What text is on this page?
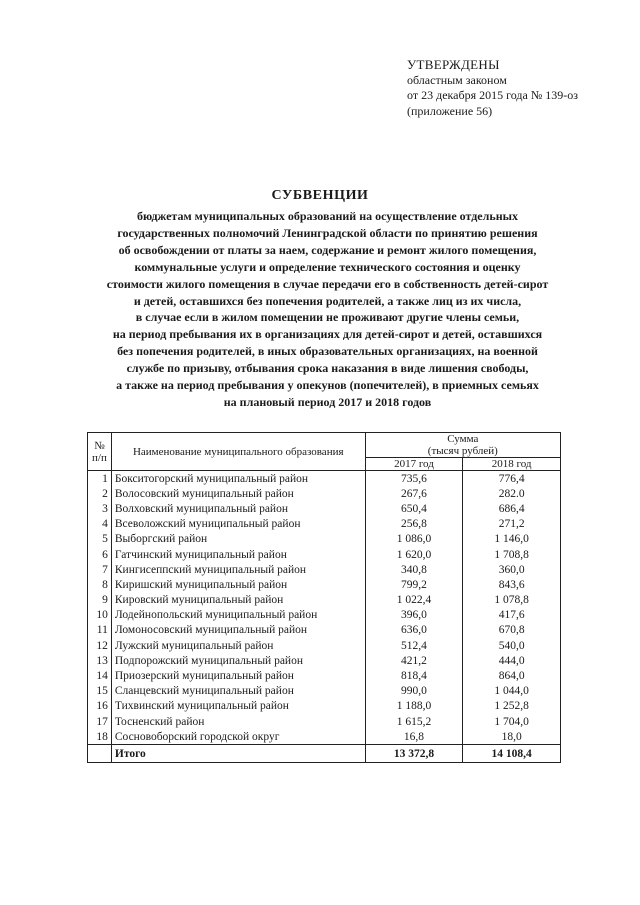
УТВЕРЖДЕНЫ
областным законом
от 23 декабря 2015 года № 139-оз
(приложение 56)
СУБВЕНЦИИ
бюджетам муниципальных образований на осуществление отдельных
государственных полномочий Ленинградской области по принятию решения
об освобождении от платы за наем, содержание и ремонт жилого помещения,
коммунальные услуги и определение технического состояния и оценку
стоимости жилого помещения в случае передачи его в собственность детей-сирот
и детей, оставшихся без попечения родителей, а также лиц из их числа,
в случае если в жилом помещении не проживают другие члены семьи,
на период пребывания их в организациях для детей-сирот и детей, оставшихся
без попечения родителей, в иных образовательных организациях, на военной
службе по призыву, отбывания срока наказания в виде лишения свободы,
а также на период пребывания у опекунов (попечителей), в приемных семьях
на плановый период 2017 и 2018 годов
№ п/п	Наименование муниципального образования	Сумма
(тысяч рублей)	

		2017 год	2018 год
1	Бокситогорский муниципальный район	735,6	776,4
2	Волосовский муниципальный район	267,6	282.0
3	Волховский муниципальный район	650,4	686,4
4	Всеволожский муниципальный район	256,8	271,2
5	Выборгский район	1 086,0	1 146,0
6	Гатчинский муниципальный район	1 620,0	1 708,8
7	Кингисеппский муниципальный район	340,8	360,0
8	Киришский муниципальный район	799,2	843,6
9	Кировский муниципальный район	1 022,4	1 078,8
10	Лодейнопольский муниципальный район	396,0	417,6
11	Ломоносовский муниципальный район	636,0	670,8
12	Лужский муниципальный район	512,4	540,0
13	Подпорожский муниципальный район	421,2	444,0
14	Приозерский муниципальный район	818,4	864,0
15	Сланцевский муниципальный район	990,0	1 044,0
16	Тихвинский муниципальный район	1 188,0	1 252,8
17	Тосненский район	1 615,2	1 704,0
18	Сосновоборский городской округ	16,8	18,0
	Итого	13 372,8	14 108,4
